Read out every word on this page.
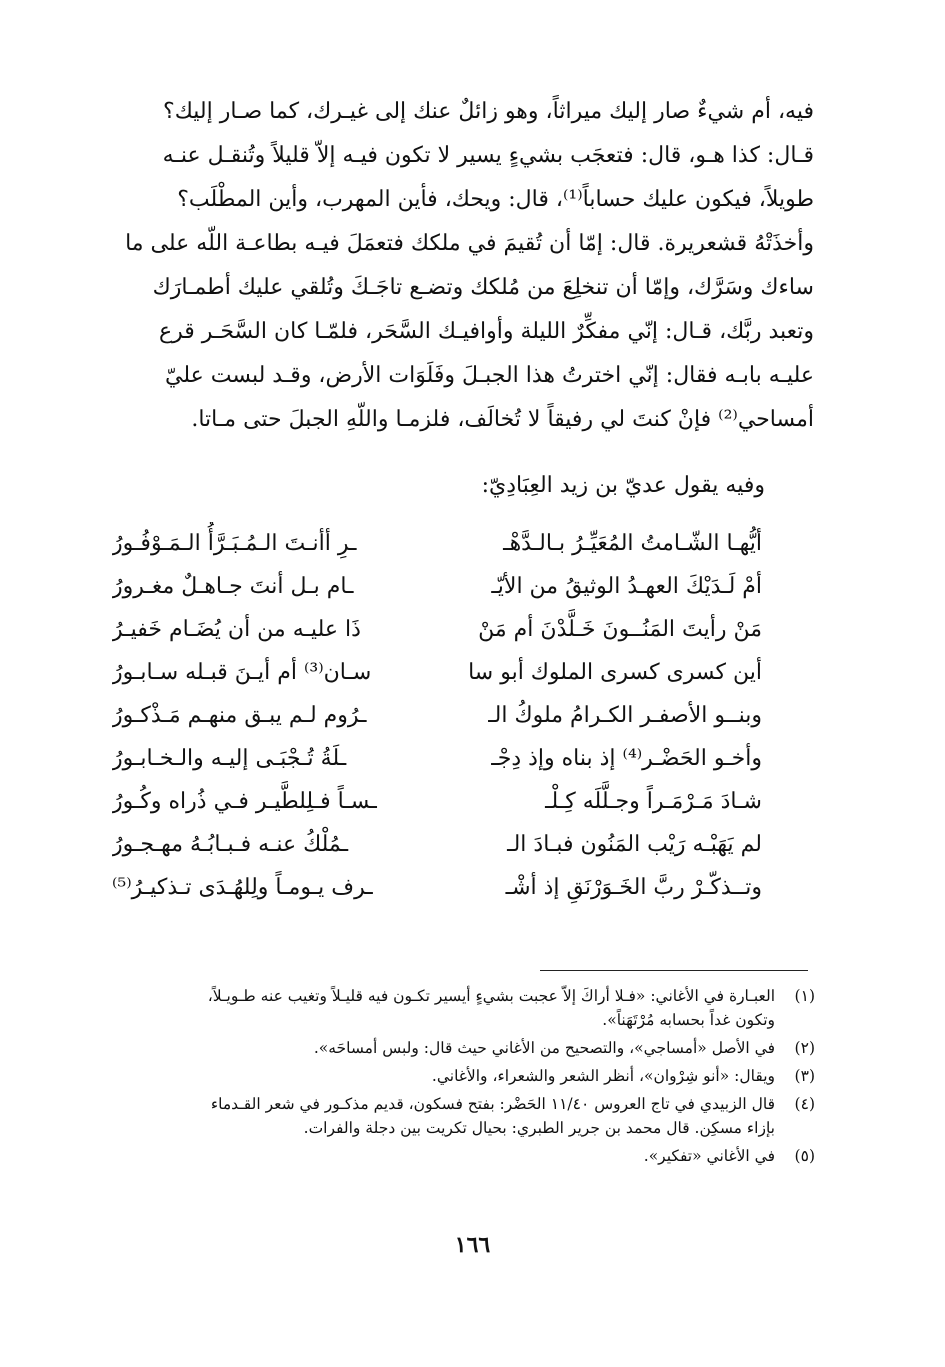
فيه، أم شيءٌ صار إليك ميراثاً، وهو زائلٌ عنك إلى غيـرك، كما صـار إليك؟
قـال: كذا هـو، قال: فتعجَب بشيءٍ يسير لا تكون فيـه إلاّ قليلاً وتُنقـل عنـه
طويلاً، فيكون عليك حساباً⁽¹⁾، قال: ويحك، فأين المهرب، وأين المطْلَب؟
وأخذَتْهُ قشعريرة. قال: إمّا أن تُقيمَ في ملكك فتعمَلَ فيـه بطاعـة اللّه على ما
ساءك وسَرَّك، وإمّا أن تنخلِعَ من مُلكك وتضـع تاجَـكَ وتُلقي عليك أطمـارَك
وتعبد ربَّك، قـال: إنّي مفكِّرٌ الليلة وأوافيـك السَّحَر، فلمّـا كان السَّحَـر قرع
عليـه بابـه فقال: إنّي اخترتُ هذا الجبـلَ وفَلَوَات الأرض، وقـد لبست عليّ
أمساحي⁽²⁾ فإنْ كنتَ لي رفيقاً لا تُخالَف، فلزمـا واللّهِ الجبلَ حتى مـاتا.
وفيه يقول عديّ بن زيد العِبَادِيّ:
أيُّهـا الشّـامتُ المُعَيِّـرُ بـالـدَّهْـ
ـرِ أأنـتَ الـمُـبَـرَّأُ الـمَـوْفُـورُ
أمْ لَـدَيْكَ العهـدُ الوثيقُ من الأيّـ
ـام بـل أنتَ جـاهـلٌ مغـرورُ
مَنْ رأيتَ المَنُــونَ خَـلَّدْنَ أم مَنْ
ذَا عليـه من أن يُضَـام خَفيـرُ
أين كسرى كسرى الملوك أبو سا
سـان⁽³⁾ أم أيـنَ قبـله سـابـورُ
وبنــو الأصفـر الكـرامُ ملوكُ الـ
ـرُوم لـم يبـق منهـم مَـذْكـورُ
وأخـو الحَضْـر⁽⁴⁾ إذ بناه وإذ دِجْـ
ـلَةُ تُـجْبَـى إليـه والـخـابـورُ
شـادَ مَـرْمَـراً وجـلَّلَه كِـلْـ
ـسـاً فـلِلطَّيـر فـي ذُراه وكُـورُ
لم يَهَبْـه رَيْب المَنُون فبـادَ الـ
ـمُلْكُ عنـه فـبـابُـهُ مهـجـورُ
وتــذكّـرْ ربَّ الخَـوَرْنَقِ إذ أشْـ
ـرف يـومـاً ولِلهُـدَى تـذكيـرُ⁽⁵⁾
(١)
العبـارة في الأغاني: «فـلا أراكَ إلاّ عجبت بشيءٍ أيسير تكـون فيه قليـلاً وتغيب عنه طـويـلاً،
وتكون غداً بحسابه مُرْتَهَناً».
(٢)
في الأصل «أمساجي»، والتصحيح من الأغاني حيث قال: ولبس أمساحَه».
(٣)
ويقال: «أنو شِرْوان»، أنظر الشعر والشعراء، والأغاني.
(٤)
قال الزبيدي في تاج العروس ١١/٤٠ الحَضْر: بفتح فسكون، قديم مذكـور في شعر القـدماء
بإزاء مسكِن. قال محمد بن جرير الطبري: بحيال تكريت بين دجلة والفرات.
(٥)
في الأغاني «تفكير».
١٦٦
